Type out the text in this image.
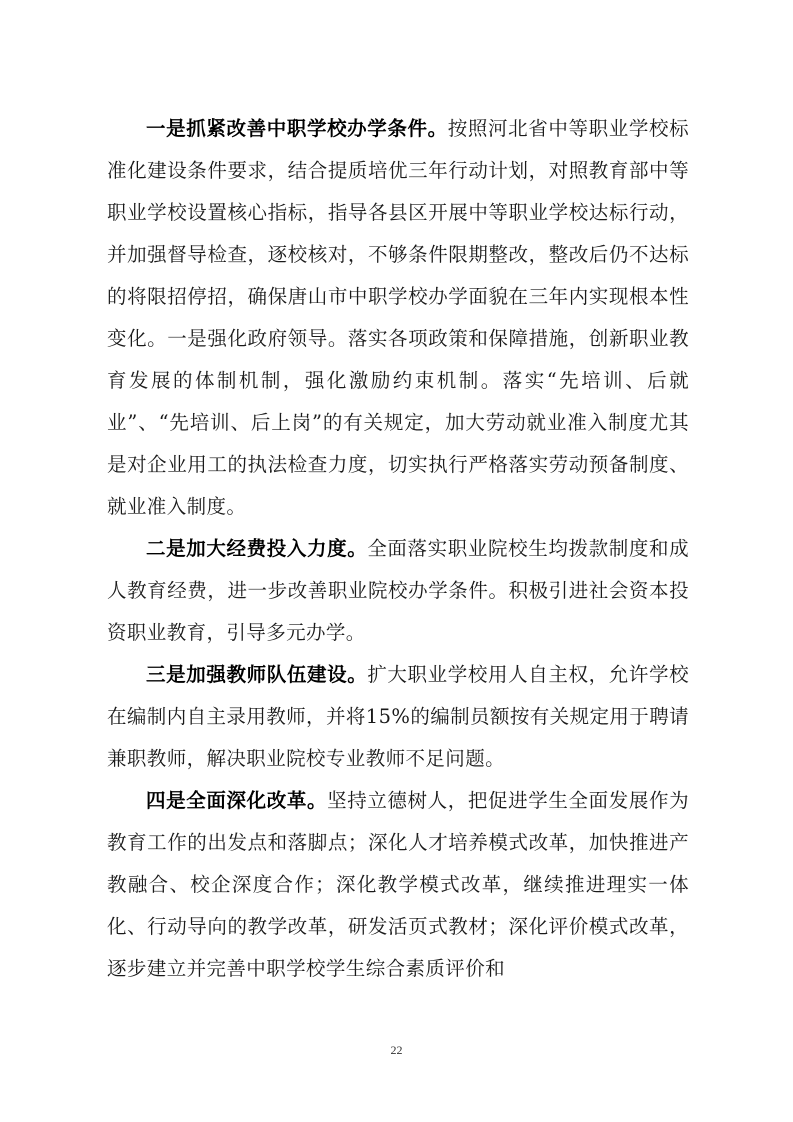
一是抓紧改善中职学校办学条件。按照河北省中等职业学校标准化建设条件要求，结合提质培优三年行动计划，对照教育部中等职业学校设置核心指标，指导各县区开展中等职业学校达标行动，并加强督导检查，逐校核对，不够条件限期整改，整改后仍不达标的将限招停招，确保唐山市中职学校办学面貌在三年内实现根本性变化。一是强化政府领导。落实各项政策和保障措施，创新职业教育发展的体制机制，强化激励约束机制。落实“先培训、后就业”、“先培训、后上岗”的有关规定，加大劳动就业准入制度尤其是对企业用工的执法检查力度，切实执行严格落实劳动预备制度、就业准入制度。

二是加大经费投入力度。全面落实职业院校生均拨款制度和成人教育经费，进一步改善职业院校办学条件。积极引进社会资本投资职业教育，引导多元办学。

三是加强教师队伍建设。扩大职业学校用人自主权，允许学校在编制内自主录用教师，并将15%的编制员额按有关规定用于聘请兼职教师，解决职业院校专业教师不足问题。

四是全面深化改革。坚持立德树人，把促进学生全面发展作为教育工作的出发点和落脚点；深化人才培养模式改革，加快推进产教融合、校企深度合作；深化教学模式改革，继续推进理实一体化、行动导向的教学改革，研发活页式教材；深化评价模式改革，逐步建立并完善中职学校学生综合素质评价和

22
